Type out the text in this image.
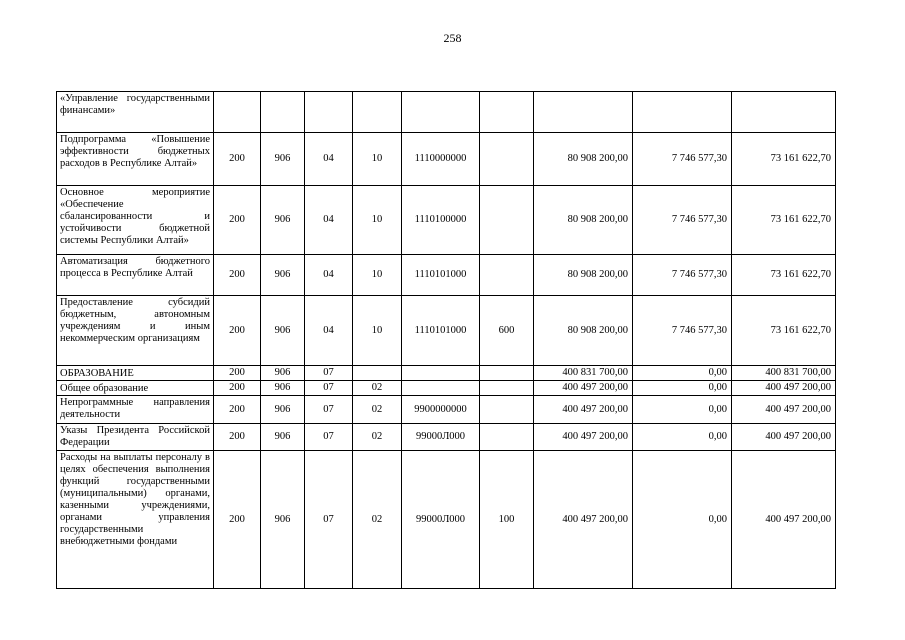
258
«Управление государственными финансами»									
Подпрограмма «Повышение эффективности бюджетных расходов в Республике Алтай»	200	906	04	10	1110000000		80 908 200,00	7 746 577,30	73 161 622,70
Основное мероприятие «Обеспечение сбалансированности и устойчивости бюджетной системы Республики Алтай»	200	906	04	10	1110100000		80 908 200,00	7 746 577,30	73 161 622,70
Автоматизация бюджетного процесса в Республике Алтай	200	906	04	10	1110101000		80 908 200,00	7 746 577,30	73 161 622,70
Предоставление субсидий бюджетным, автономным учреждениям и иным некоммерческим организациям	200	906	04	10	1110101000	600	80 908 200,00	7 746 577,30	73 161 622,70
ОБРАЗОВАНИЕ	200	906	07				400 831 700,00	0,00	400 831 700,00
Общее образование	200	906	07	02			400 497 200,00	0,00	400 497 200,00
Непрограммные направления деятельности	200	906	07	02	9900000000		400 497 200,00	0,00	400 497 200,00
Указы Президента Российской Федерации	200	906	07	02	99000Л000		400 497 200,00	0,00	400 497 200,00
Расходы на выплаты персоналу в целях обеспечения выполнения функций государственными (муниципальными) органами, казенными учреждениями, органами управления государственными внебюджетными фондами	200	906	07	02	99000Л000	100	400 497 200,00	0,00	400 497 200,00
